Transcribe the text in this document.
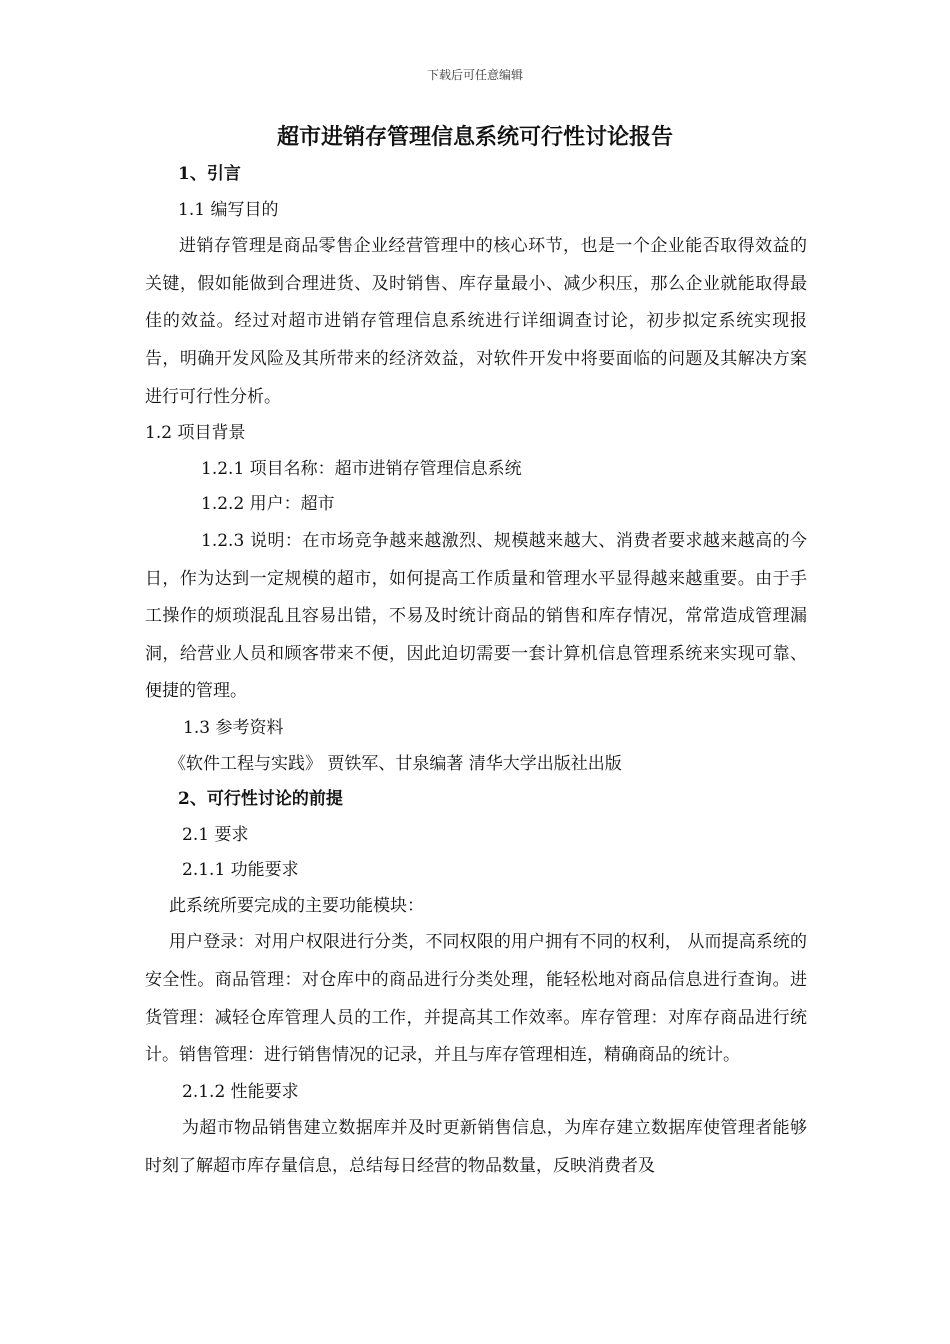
下载后可任意编辑

超市进销存管理信息系统可行性讨论报告

1、引言

1.1 编写目的

进销存管理是商品零售企业经营管理中的核心环节，也是一个企业能否取得效益的关键，假如能做到合理进货、及时销售、库存量最小、减少积压，那么企业就能取得最佳的效益。经过对超市进销存管理信息系统进行详细调查讨论，初步拟定系统实现报告，明确开发风险及其所带来的经济效益，对软件开发中将要面临的问题及其解决方案进行可行性分析。

1.2 项目背景

1.2.1 项目名称：超市进销存管理信息系统

1.2.2 用户：超市

1.2.3 说明：在市场竞争越来越激烈、规模越来越大、消费者要求越来越高的今日，作为达到一定规模的超市，如何提高工作质量和管理水平显得越来越重要。由于手工操作的烦琐混乱且容易出错，不易及时统计商品的销售和库存情况，常常造成管理漏洞，给营业人员和顾客带来不便，因此迫切需要一套计算机信息管理系统来实现可靠、便捷的管理。

1.3 参考资料

《软件工程与实践》 贾铁军、甘泉编著 清华大学出版社出版

2、可行性讨论的前提

2.1 要求

2.1.1 功能要求

此系统所要完成的主要功能模块：

用户登录：对用户权限进行分类，不同权限的用户拥有不同的权利， 从而提高系统的安全性。商品管理：对仓库中的商品进行分类处理，能轻松地对商品信息进行查询。进货管理：减轻仓库管理人员的工作，并提高其工作效率。库存管理：对库存商品进行统计。销售管理：进行销售情况的记录，并且与库存管理相连，精确商品的统计。

2.1.2 性能要求

为超市物品销售建立数据库并及时更新销售信息，为库存建立数据库使管理者能够时刻了解超市库存量信息，总结每日经营的物品数量，反映消费者及
